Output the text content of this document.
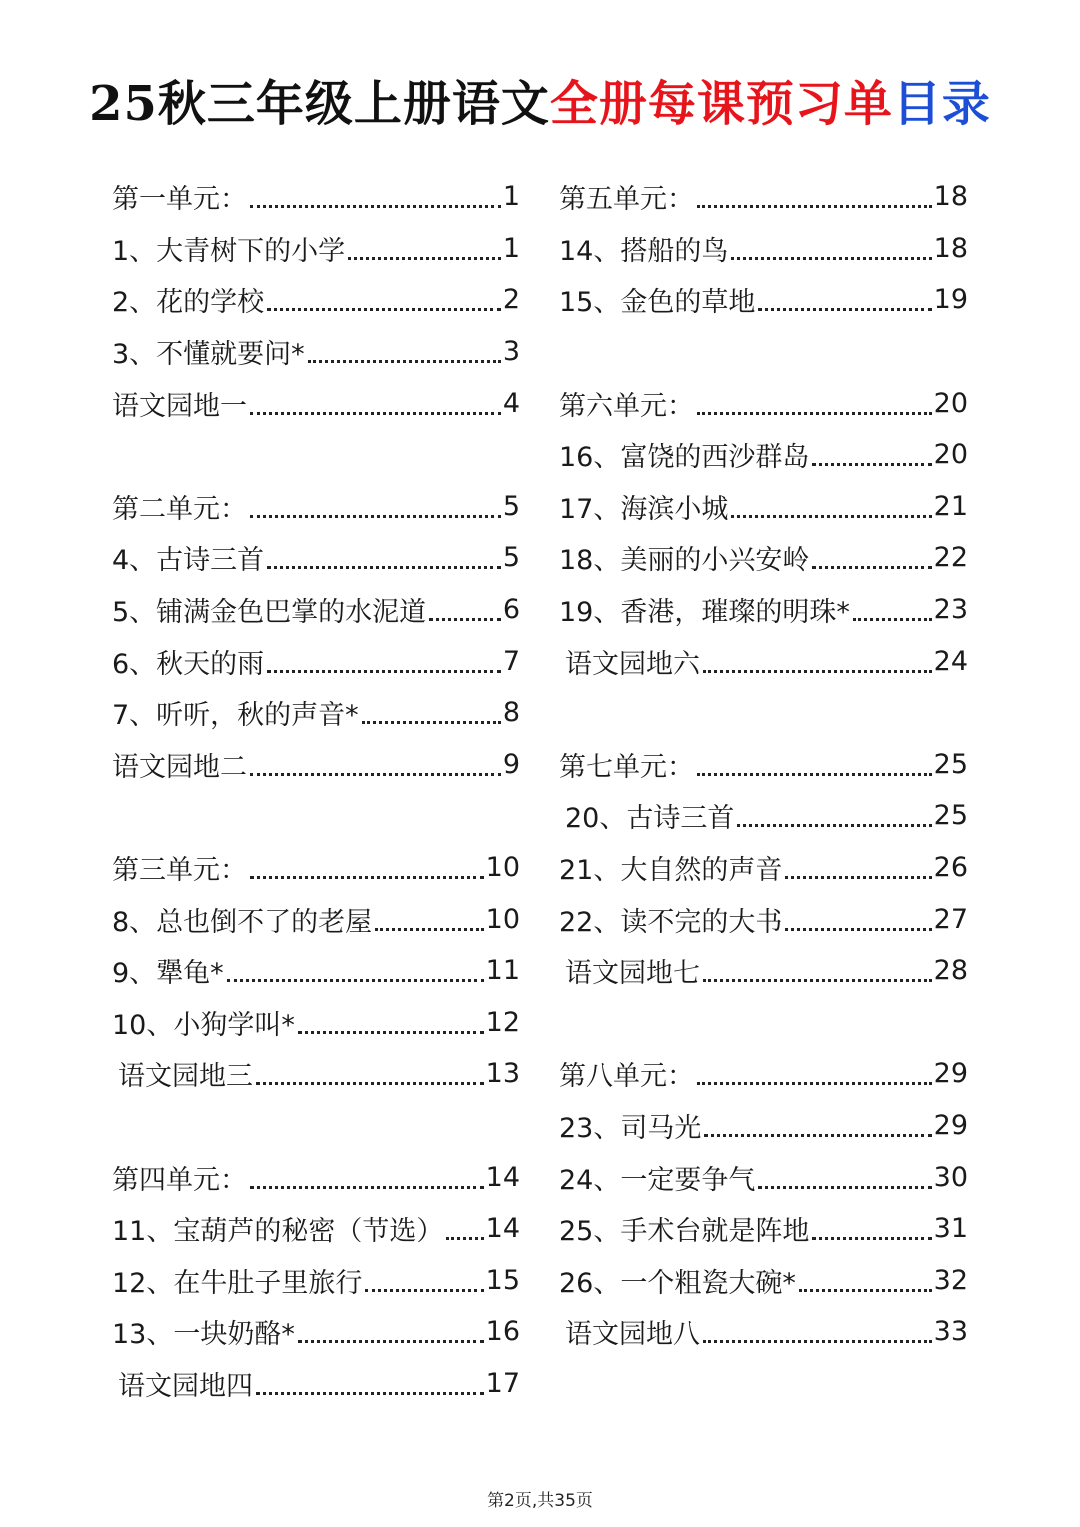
25秋三年级上册语文全册每课预习单目录
第一单元：	1
1、大青树下的小学	1
2、花的学校	2
3、不懂就要问*	3
语文园地一	4
第二单元：	5
4、古诗三首	5
5、铺满金色巴掌的水泥道	6
6、秋天的雨	7
7、听听，秋的声音*	8
语文园地二	9
第三单元：	10
8、总也倒不了的老屋	10
9、犟龟*	11
10、小狗学叫*	12
语文园地三	13
第四单元：	14
11、宝葫芦的秘密（节选） 14
12、在牛肚子里旅行	15
13、一块奶酪*	16
语文园地四	17
第五单元：	18
14、搭船的鸟	18
15、金色的草地	19
第六单元：	20
16、富饶的西沙群岛	20
17、海滨小城	21
18、美丽的小兴安岭	22
19、香港，璀璨的明珠*	23
语文园地六	24
第七单元：	25
20、古诗三首	25
21、大自然的声音	26
22、读不完的大书	27
语文园地七	28
第八单元：	29
23、司马光	29
24、一定要争气	30
25、手术台就是阵地	31
26、一个粗瓷大碗*	32
语文园地八	33
第2页,共35页
